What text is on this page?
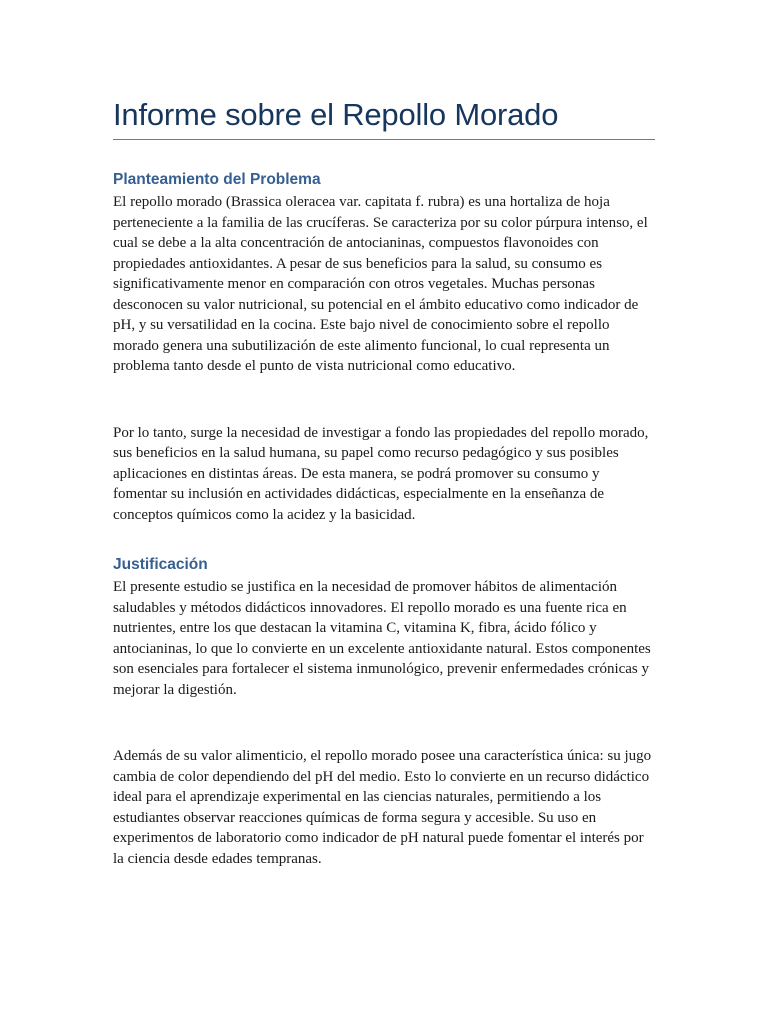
Informe sobre el Repollo Morado
Planteamiento del Problema

El repollo morado (Brassica oleracea var. capitata f. rubra) es una hortaliza de hoja perteneciente a la familia de las crucíferas. Se caracteriza por su color púrpura intenso, el cual se debe a la alta concentración de antocianinas, compuestos flavonoides con propiedades antioxidantes. A pesar de sus beneficios para la salud, su consumo es significativamente menor en comparación con otros vegetales. Muchas personas desconocen su valor nutricional, su potencial en el ámbito educativo como indicador de pH, y su versatilidad en la cocina. Este bajo nivel de conocimiento sobre el repollo morado genera una subutilización de este alimento funcional, lo cual representa un problema tanto desde el punto de vista nutricional como educativo.

Por lo tanto, surge la necesidad de investigar a fondo las propiedades del repollo morado, sus beneficios en la salud humana, su papel como recurso pedagógico y sus posibles aplicaciones en distintas áreas. De esta manera, se podrá promover su consumo y fomentar su inclusión en actividades didácticas, especialmente en la enseñanza de conceptos químicos como la acidez y la basicidad.

Justificación

El presente estudio se justifica en la necesidad de promover hábitos de alimentación saludables y métodos didácticos innovadores. El repollo morado es una fuente rica en nutrientes, entre los que destacan la vitamina C, vitamina K, fibra, ácido fólico y antocianinas, lo que lo convierte en un excelente antioxidante natural. Estos componentes son esenciales para fortalecer el sistema inmunológico, prevenir enfermedades crónicas y mejorar la digestión.

Además de su valor alimenticio, el repollo morado posee una característica única: su jugo cambia de color dependiendo del pH del medio. Esto lo convierte en un recurso didáctico ideal para el aprendizaje experimental en las ciencias naturales, permitiendo a los estudiantes observar reacciones químicas de forma segura y accesible. Su uso en experimentos de laboratorio como indicador de pH natural puede fomentar el interés por la ciencia desde edades tempranas.
